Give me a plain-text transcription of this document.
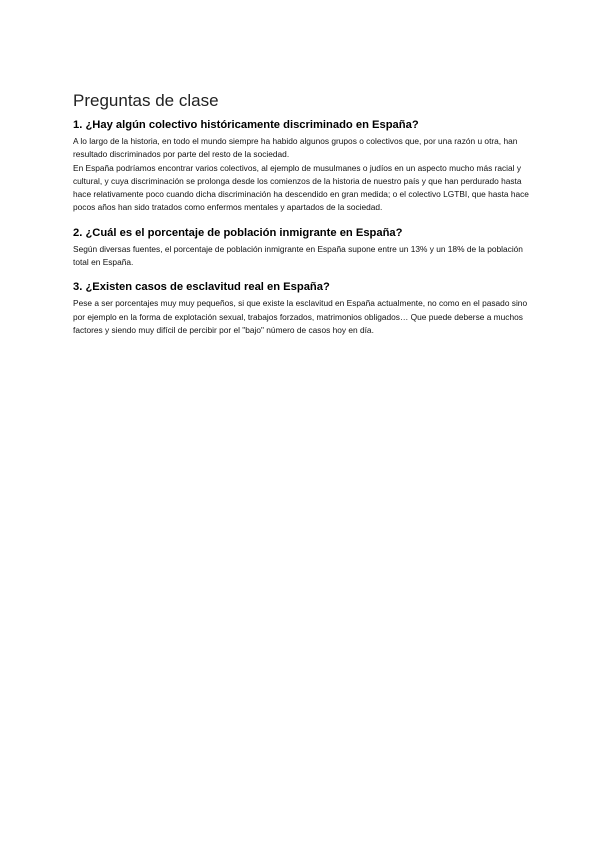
Preguntas de clase
1. ¿Hay algún colectivo históricamente discriminado en España?

A lo largo de la historia, en todo el mundo siempre ha habido algunos grupos o colectivos que, por una razón u otra, han resultado discriminados por parte del resto de la sociedad.

En España podríamos encontrar varios colectivos, al ejemplo de musulmanes o judíos en un aspecto mucho más racial y cultural, y cuya discriminación se prolonga desde los comienzos de la historia de nuestro país y que han perdurado hasta hace relativamente poco cuando dicha discriminación ha descendido en gran medida; o el colectivo LGTBI, que hasta hace pocos años han sido tratados como enfermos mentales y apartados de la sociedad.

2. ¿Cuál es el porcentaje de población inmigrante en España?

Según diversas fuentes, el porcentaje de población inmigrante en España supone entre un 13% y un 18% de la población total en España.

3. ¿Existen casos de esclavitud real en España?

Pese a ser porcentajes muy muy pequeños, si que existe la esclavitud en España actualmente, no como en el pasado sino por ejemplo en la forma de explotación sexual, trabajos forzados, matrimonios obligados… Que puede deberse a muchos factores y siendo muy difícil de percibir por el "bajo" número de casos hoy en día.
